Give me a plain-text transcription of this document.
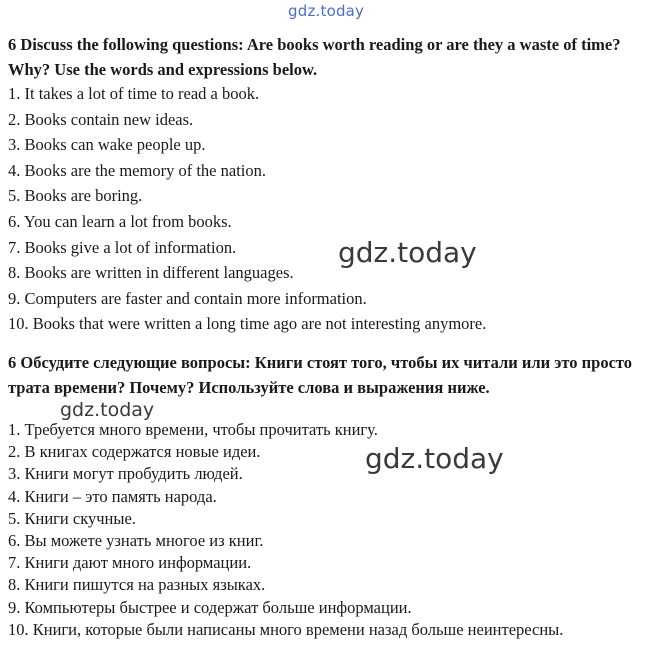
gdz.today

6 Discuss the following questions: Are books worth reading or are they a waste of time? Why? Use the words and expressions below.

1. It takes a lot of time to read a book.
2. Books contain new ideas.
3. Books can wake people up.
4. Books are the memory of the nation.
5. Books are boring.
6. You can learn a lot from books.
7. Books give a lot of information.
8. Books are written in different languages.
9. Computers are faster and contain more information.
10. Books that were written a long time ago are not interesting anymore.

6 Обсудите следующие вопросы: Книги стоят того, чтобы их читали или это просто трата времени? Почему? Используйте слова и выражения ниже.

1. Требуется много времени, чтобы прочитать книгу.
2. В книгах содержатся новые идеи.
3. Книги могут пробудить людей.
4. Книги – это память народа.
5. Книги скучные.
6. Вы можете узнать многое из книг.
7. Книги дают много информации.
8. Книги пишутся на разных языках.
9. Компьютеры быстрее и содержат больше информации.
10. Книги, которые были написаны много времени назад больше неинтересны.
gdz.today
gdz.today
gdz.today
